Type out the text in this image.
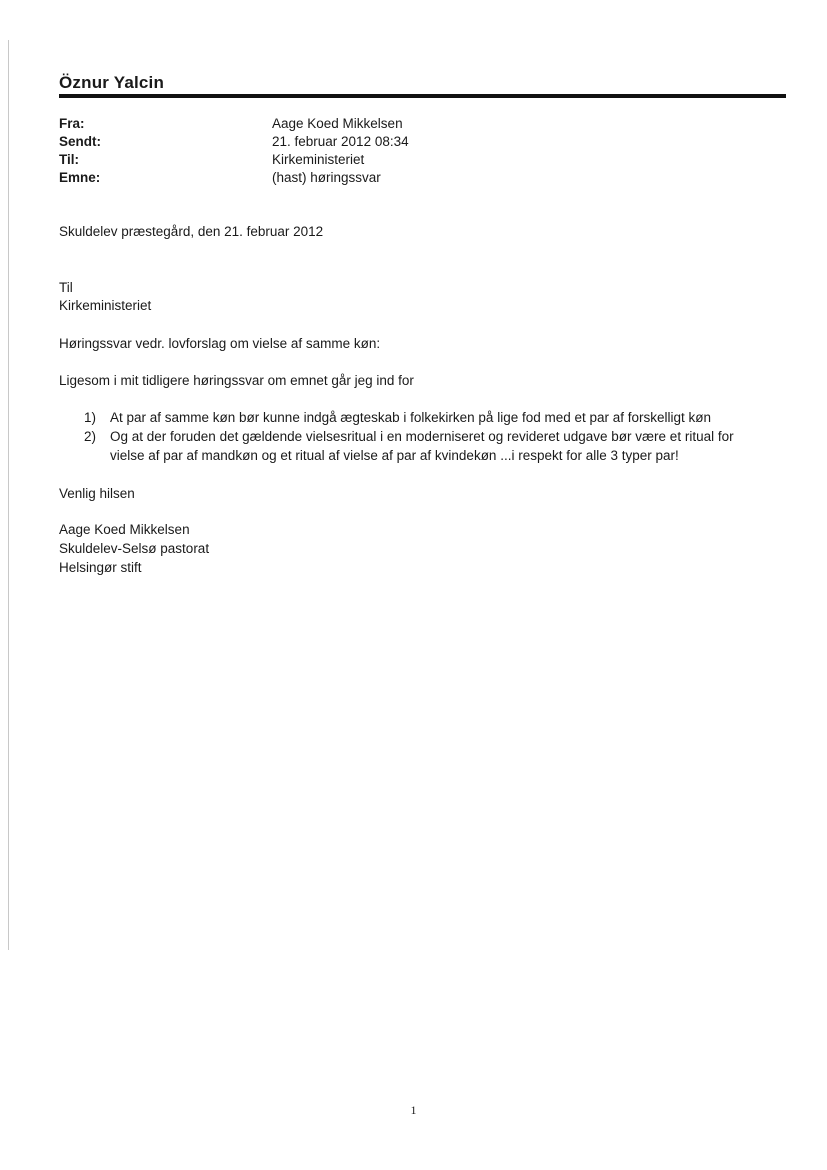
Öznur Yalcin
Fra:	Aage Koed Mikkelsen
Sendt:	21. februar 2012 08:34
Til:	Kirkeministeriet
Emne:	(hast) høringssvar
Skuldelev præstegård, den 21. februar 2012
Til
Kirkeministeriet
Høringssvar vedr. lovforslag om vielse af samme køn:
Ligesom i mit tidligere høringssvar om emnet går jeg ind for
1) At par af samme køn bør kunne indgå ægteskab i folkekirken på lige fod med et par af forskelligt køn
2) Og at der foruden det gældende vielsesritual i en moderniseret og revideret udgave bør være et ritual for vielse af par af mandkøn og et ritual af vielse af par af kvindekøn ...i respekt for alle 3 typer par!
Venlig hilsen
Aage Koed Mikkelsen
Skuldelev-Selsø pastorat
Helsingør stift
1
